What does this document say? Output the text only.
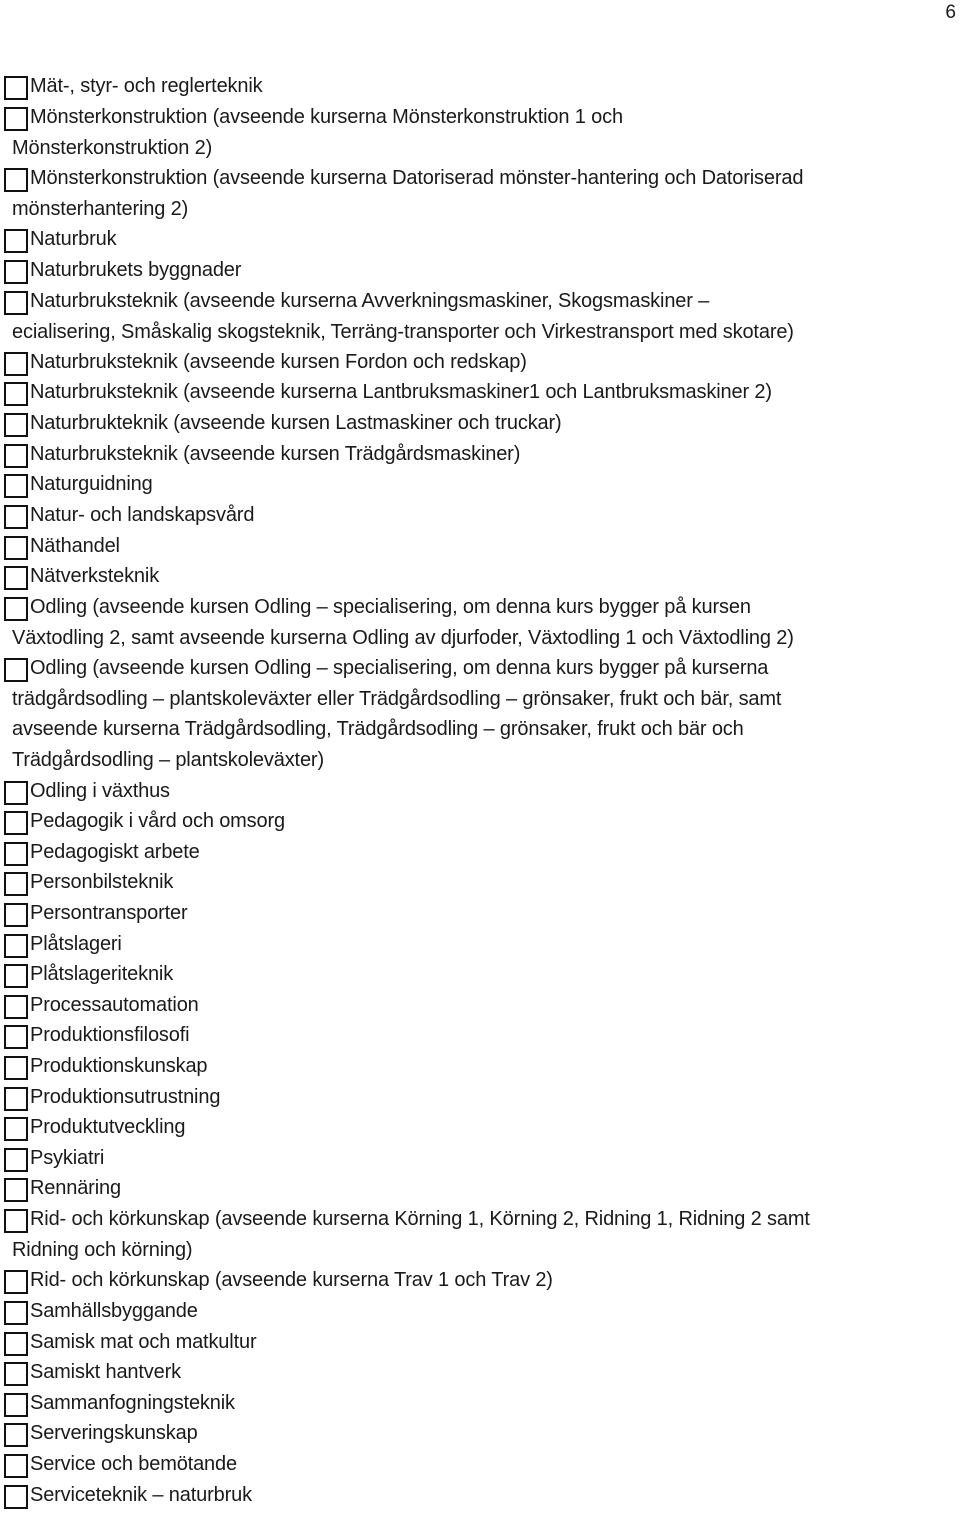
6
Mät-, styr- och reglerteknik
Mönsterkonstruktion (avseende kurserna Mönsterkonstruktion 1 och
Mönsterkonstruktion 2)
Mönsterkonstruktion (avseende kurserna Datoriserad mönster-hantering och Datoriserad
mönsterhantering 2)
Naturbruk
Naturbrukets byggnader
Naturbruksteknik (avseende kurserna Avverkningsmaskiner, Skogsmaskiner –
ecialisering, Småskalig skogsteknik, Terräng-transporter och Virkestransport med skotare)
Naturbruksteknik (avseende kursen Fordon och redskap)
Naturbruksteknik (avseende kurserna Lantbruksmaskiner1 och Lantbruksmaskiner 2)
Naturbrukteknik (avseende kursen Lastmaskiner och truckar)
Naturbruksteknik (avseende kursen Trädgårdsmaskiner)
Naturguidning
Natur- och landskapsvård
Näthandel
Nätverksteknik
Odling (avseende kursen Odling – specialisering, om denna kurs bygger på kursen
Växtodling 2, samt avseende kurserna Odling av djurfoder, Växtodling 1 och Växtodling 2)
Odling (avseende kursen Odling – specialisering, om denna kurs bygger på kurserna
trädgårdsodling – plantskoleväxter eller Trädgårdsodling – grönsaker, frukt och bär, samt
avseende kurserna Trädgårdsodling, Trädgårdsodling – grönsaker, frukt och bär och
Trädgårdsodling – plantskoleväxter)
Odling i växthus
Pedagogik i vård och omsorg
Pedagogiskt arbete
Personbilsteknik
Persontransporter
Plåtslageri
Plåtslageriteknik
Processautomation
Produktionsfilosofi
Produktionskunskap
Produktionsutrustning
Produktutveckling
Psykiatri
Rennäring
Rid- och körkunskap (avseende kurserna Körning 1, Körning 2, Ridning 1, Ridning 2 samt
Ridning och körning)
Rid- och körkunskap (avseende kurserna Trav 1 och Trav 2)
Samhällsbyggande
Samisk mat och matkultur
Samiskt hantverk
Sammanfogningsteknik
Serveringskunskap
Service och bemötande
Serviceteknik – naturbruk
